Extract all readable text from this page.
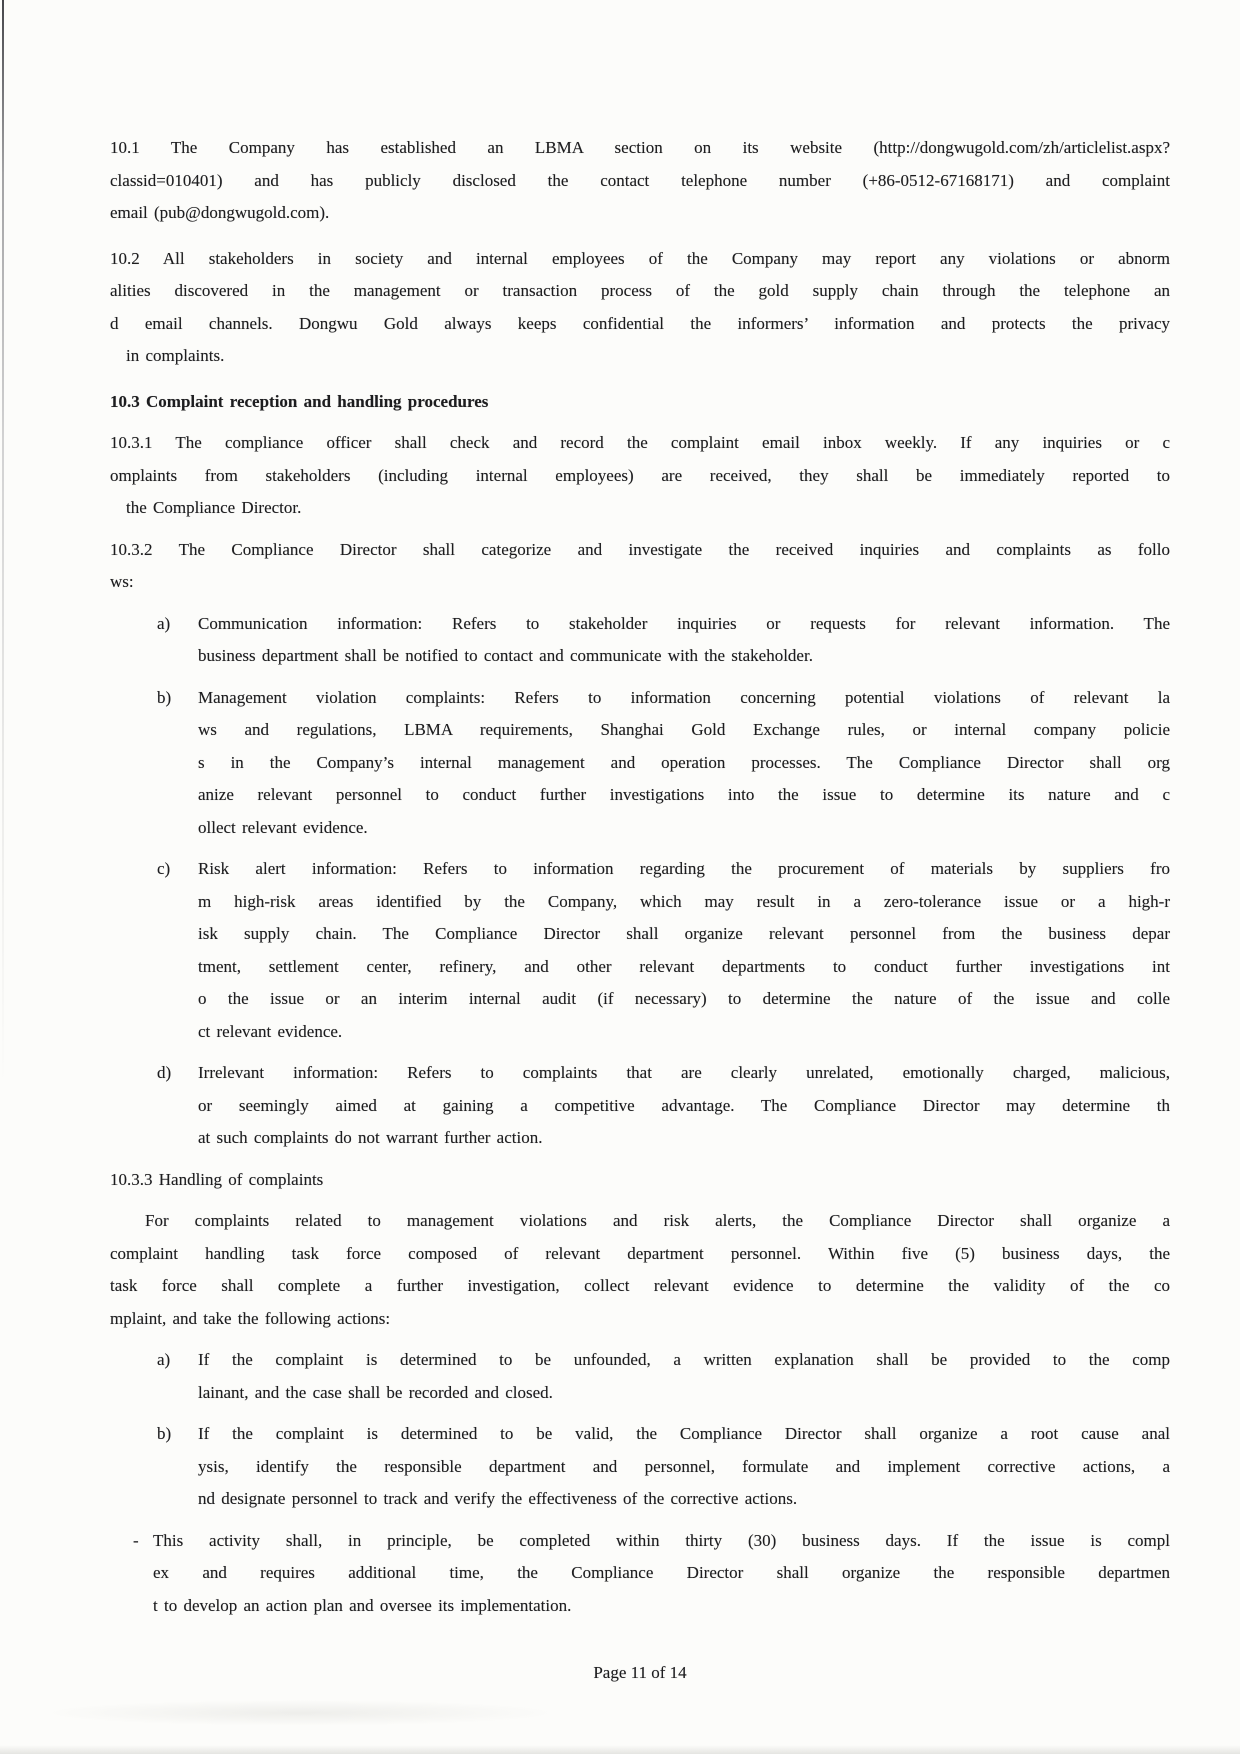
10.1 The Company has established an LBMA section on its website (http://dongwugold.com/zh/articlelist.aspx?
classid=010401) and has publicly disclosed the contact telephone number (+86-0512-67168171) and complaint
email (pub@dongwugold.com).
10.2 All stakeholders in society and internal employees of the Company may report any violations or abnorm
alities discovered in the management or transaction process of the gold supply chain through the telephone an
d email channels. Dongwu Gold always keeps confidential the informers’ information and protects the privacy
in complaints.
10.3 Complaint reception and handling procedures
10.3.1 The compliance officer shall check and record the complaint email inbox weekly. If any inquiries or c
omplaints from stakeholders (including internal employees) are received, they shall be immediately reported to
the Compliance Director.
10.3.2 The Compliance Director shall categorize and investigate the received inquiries and complaints as follo
ws:
a) Communication information: Refers to stakeholder inquiries or requests for relevant information. The
business department shall be notified to contact and communicate with the stakeholder.
b) Management violation complaints: Refers to information concerning potential violations of relevant la
ws and regulations, LBMA requirements, Shanghai Gold Exchange rules, or internal company policie
s in the Company’s internal management and operation processes. The Compliance Director shall org
anize relevant personnel to conduct further investigations into the issue to determine its nature and c
ollect relevant evidence.
c) Risk alert information: Refers to information regarding the procurement of materials by suppliers fro
m high-risk areas identified by the Company, which may result in a zero-tolerance issue or a high-r
isk supply chain. The Compliance Director shall organize relevant personnel from the business depar
tment, settlement center, refinery, and other relevant departments to conduct further investigations int
o the issue or an interim internal audit (if necessary) to determine the nature of the issue and colle
ct relevant evidence.
d) Irrelevant information: Refers to complaints that are clearly unrelated, emotionally charged, malicious,
or seemingly aimed at gaining a competitive advantage. The Compliance Director may determine th
at such complaints do not warrant further action.
10.3.3 Handling of complaints
For complaints related to management violations and risk alerts, the Compliance Director shall organize a
complaint handling task force composed of relevant department personnel. Within five (5) business days, the
task force shall complete a further investigation, collect relevant evidence to determine the validity of the co
mplaint, and take the following actions:
a) If the complaint is determined to be unfounded, a written explanation shall be provided to the comp
lainant, and the case shall be recorded and closed.
b) If the complaint is determined to be valid, the Compliance Director shall organize a root cause anal
ysis, identify the responsible department and personnel, formulate and implement corrective actions, a
nd designate personnel to track and verify the effectiveness of the corrective actions.
- This activity shall, in principle, be completed within thirty (30) business days. If the issue is compl
ex and requires additional time, the Compliance Director shall organize the responsible departmen
t to develop an action plan and oversee its implementation.
Page 11 of 14
